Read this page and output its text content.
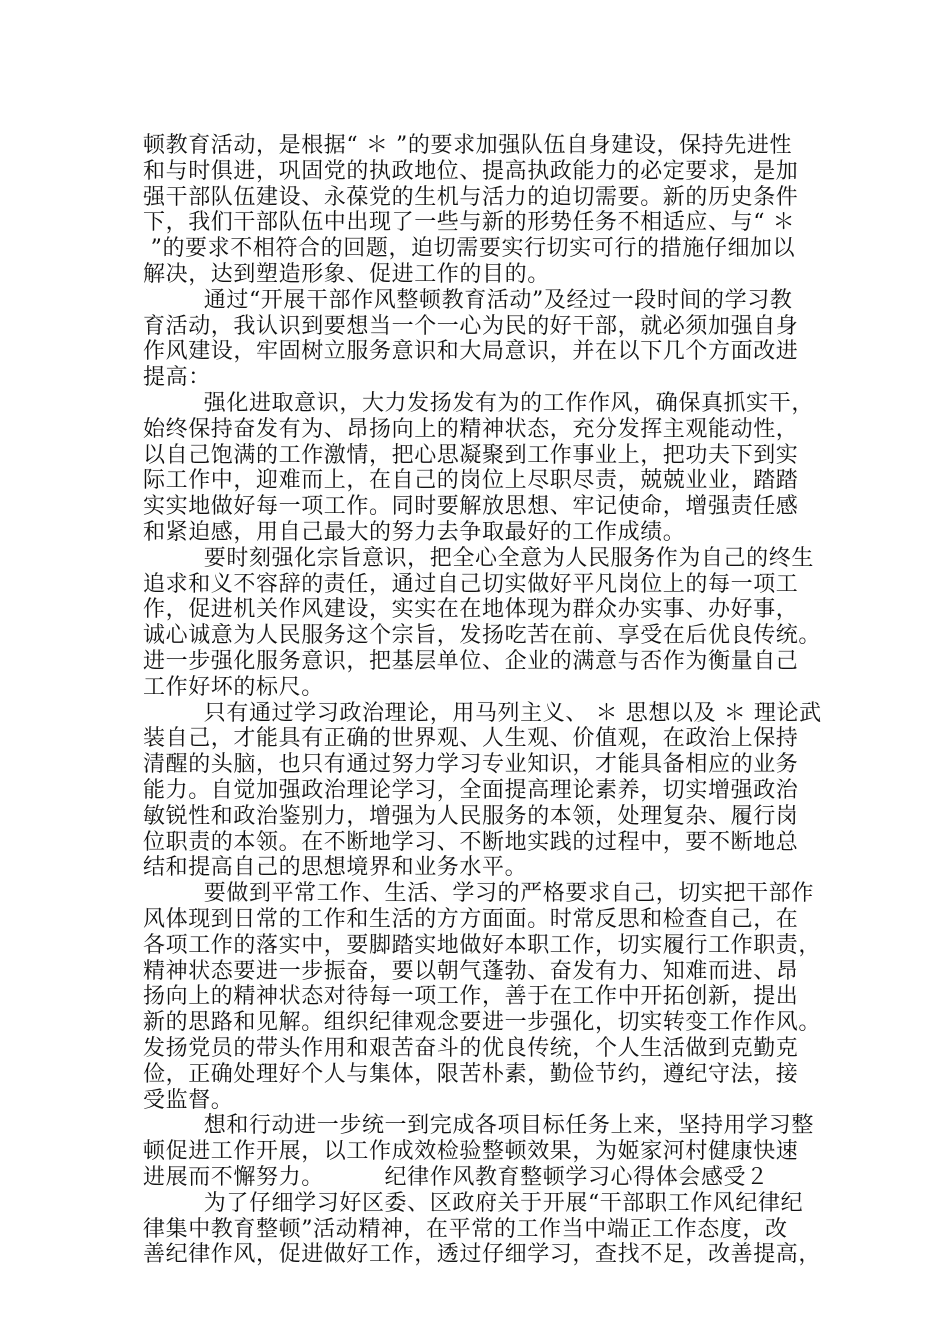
顿教育活动，是根据“ ＊ ”的要求加强队伍自身建设，保持先进性
和与时俱进，巩固党的执政地位、提高执政能力的必定要求，是加
强干部队伍建设、永葆党的生机与活力的迫切需要。新的历史条件
下，我们干部队伍中出现了一些与新的形势任务不相适应、与“ ＊
”的要求不相符合的回题，迫切需要实行切实可行的措施仔细加以
解决，达到塑造形象、促进工作的目的。
通过“开展干部作风整顿教育活动”及经过一段时间的学习教
育活动，我认识到要想当一个一心为民的好干部，就必须加强自身
作风建设，牢固树立服务意识和大局意识，并在以下几个方面改进
提高：
强化进取意识，大力发扬发有为的工作作风，确保真抓实干，
始终保持奋发有为、昂扬向上的精神状态，充分发挥主观能动性，
以自己饱满的工作激情，把心思凝聚到工作事业上，把功夫下到实
际工作中，迎难而上，在自己的岗位上尽职尽责，兢兢业业，踏踏
实实地做好每一项工作。同时要解放思想、牢记使命，增强责任感
和紧迫感，用自己最大的努力去争取最好的工作成绩。
要时刻强化宗旨意识，把全心全意为人民服务作为自己的终生
追求和义不容辞的责任，通过自己切实做好平凡岗位上的每一项工
作，促进机关作风建设，实实在在地体现为群众办实事、办好事，
诚心诚意为人民服务这个宗旨，发扬吃苦在前、享受在后优良传统。
进一步强化服务意识，把基层单位、企业的满意与否作为衡量自己
工作好坏的标尺。
只有通过学习政治理论，用马列主义、 ＊ 思想以及 ＊ 理论武
装自己，才能具有正确的世界观、人生观、价值观，在政治上保持
清醒的头脑，也只有通过努力学习专业知识，才能具备相应的业务
能力。自觉加强政治理论学习，全面提高理论素养，切实增强政治
敏锐性和政治鉴别力，增强为人民服务的本领，处理复杂、履行岗
位职责的本领。在不断地学习、不断地实践的过程中，要不断地总
结和提高自己的思想境界和业务水平。
要做到平常工作、生活、学习的严格要求自己，切实把干部作
风体现到日常的工作和生活的方方面面。时常反思和检查自己，在
各项工作的落实中，要脚踏实地做好本职工作，切实履行工作职责，
精神状态要进一步振奋，要以朝气蓬勃、奋发有力、知难而进、昂
扬向上的精神状态对待每一项工作，善于在工作中开拓创新，提出
新的思路和见解。组织纪律观念要进一步强化，切实转变工作作风。
发扬党员的带头作用和艰苦奋斗的优良传统，个人生活做到克勤克
俭，正确处理好个人与集体，限苦朴素，勤俭节约，遵纪守法，接
受监督。
想和行动进一步统一到完成各项目标任务上来，坚持用学习整
顿促进工作开展，以工作成效检验整顿效果，为姬家河村健康快速
进展而不懈努力。        纪律作风教育整顿学习心得体会感受２
为了仔细学习好区委、区政府关于开展“干部职工作风纪律纪
律集中教育整顿”活动精神，在平常的工作当中端正工作态度，改
善纪律作风，促进做好工作，透过仔细学习，查找不足，改善提高，
